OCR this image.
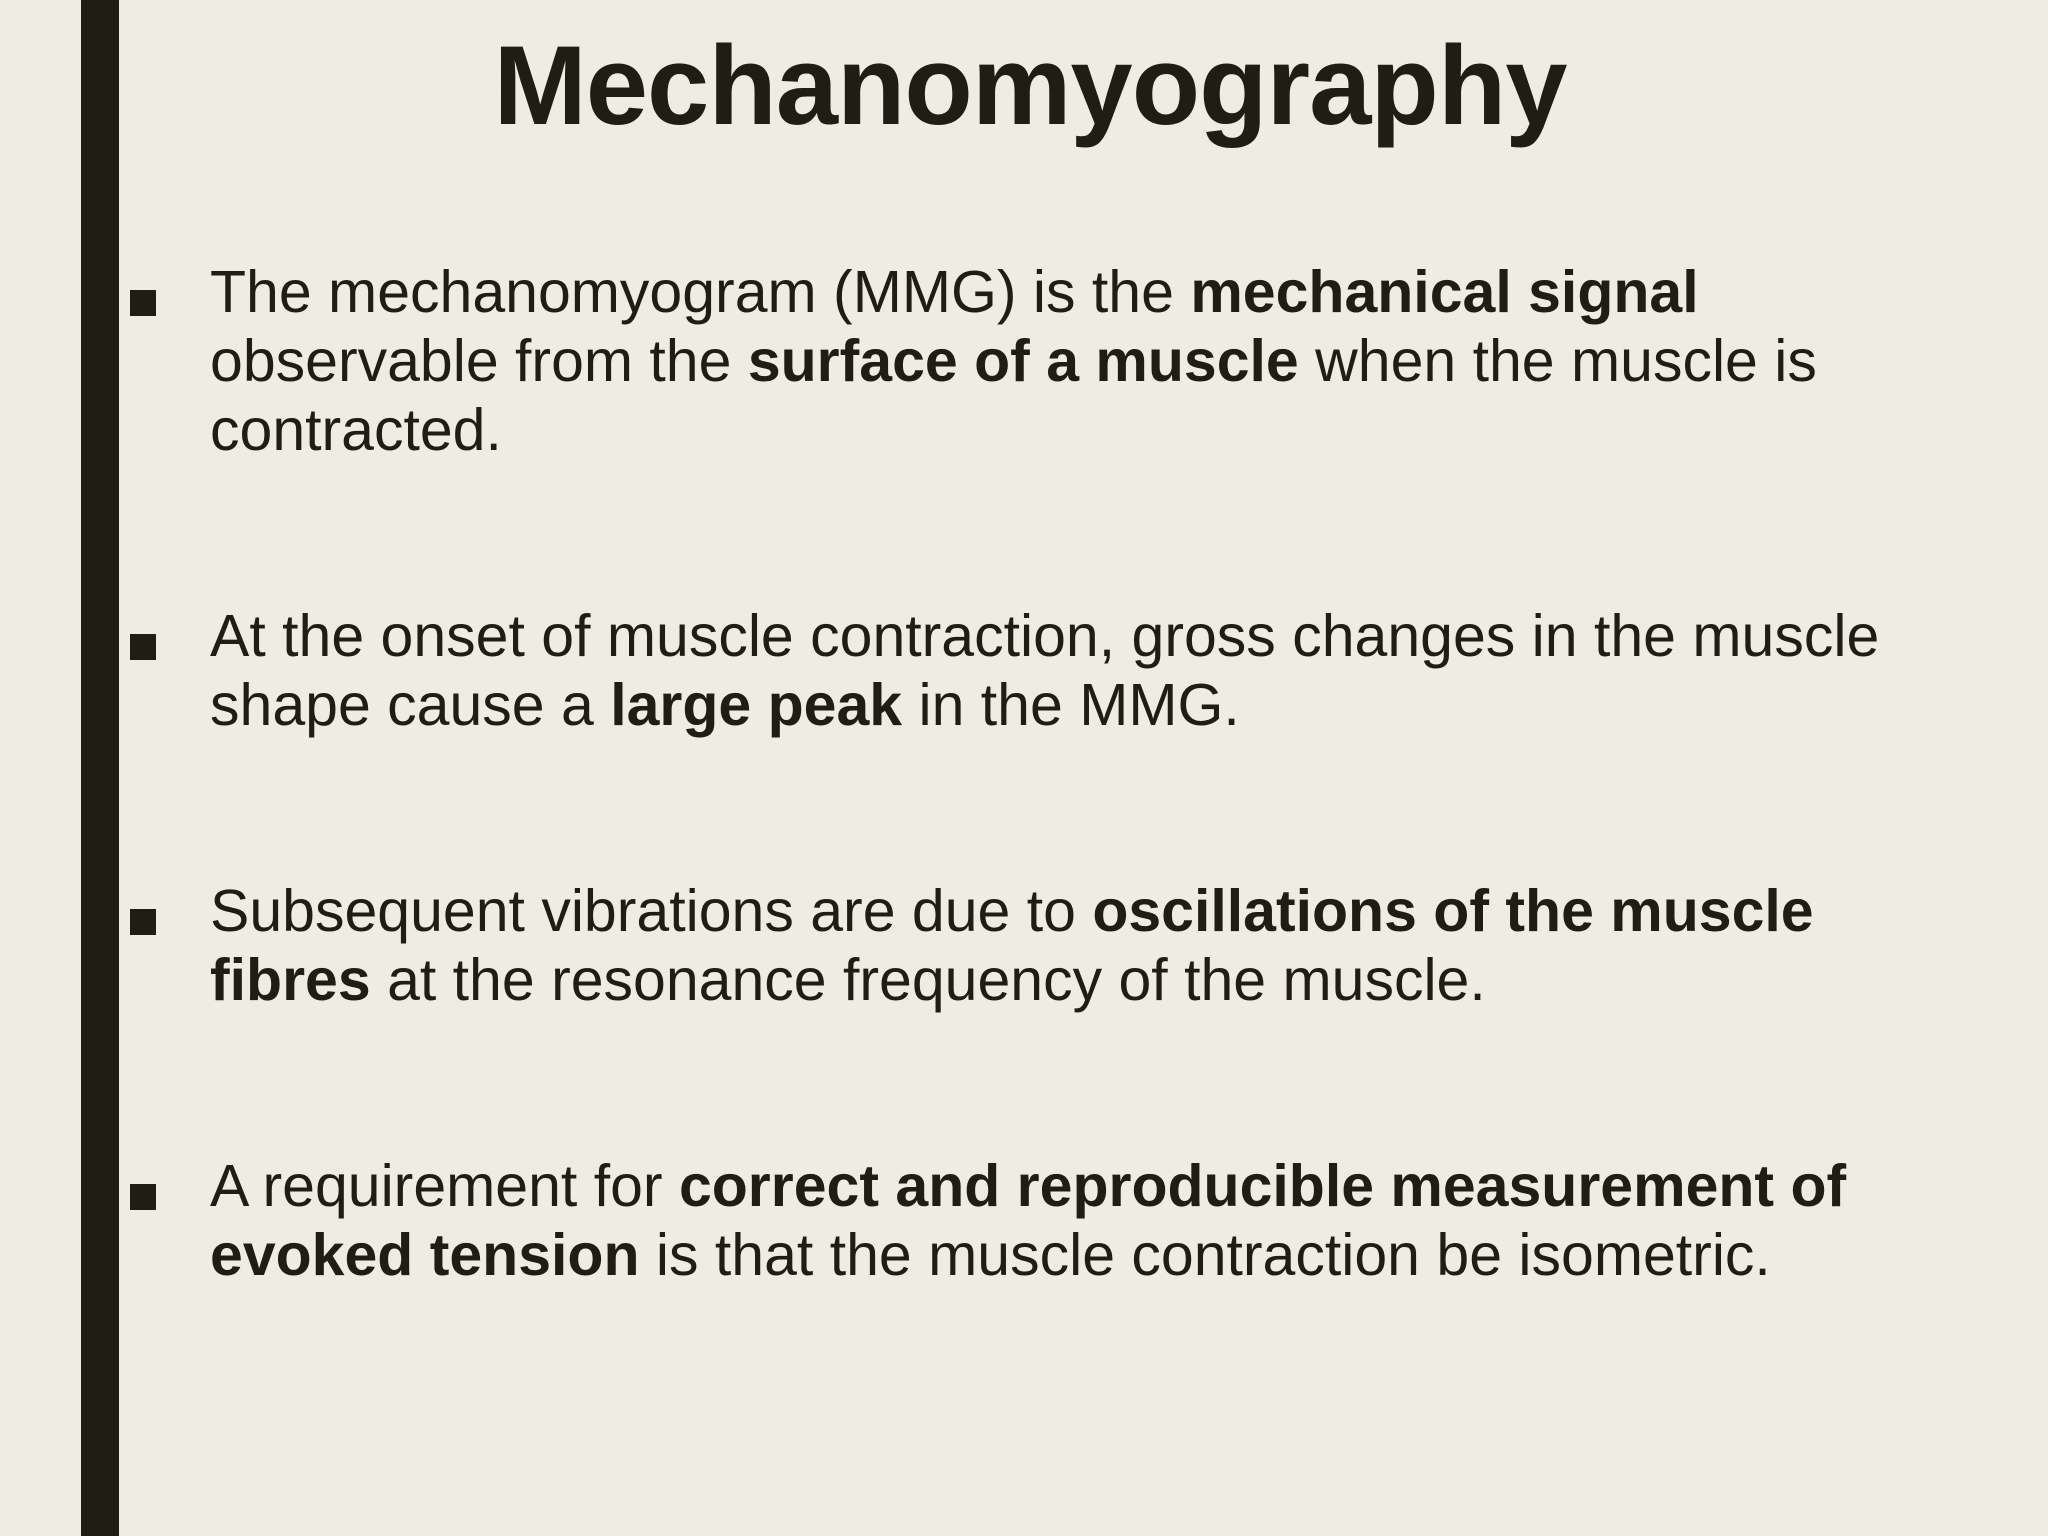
Mechanomyography

The mechanomyogram (MMG) is the mechanical signal observable from the surface of a muscle when the muscle is contracted.

At the onset of muscle contraction, gross changes in the muscle shape cause a large peak in the MMG.

Subsequent vibrations are due to oscillations of the muscle fibres at the resonance frequency of the muscle.

A requirement for correct and reproducible measurement of evoked tension is that the muscle contraction be isometric.
